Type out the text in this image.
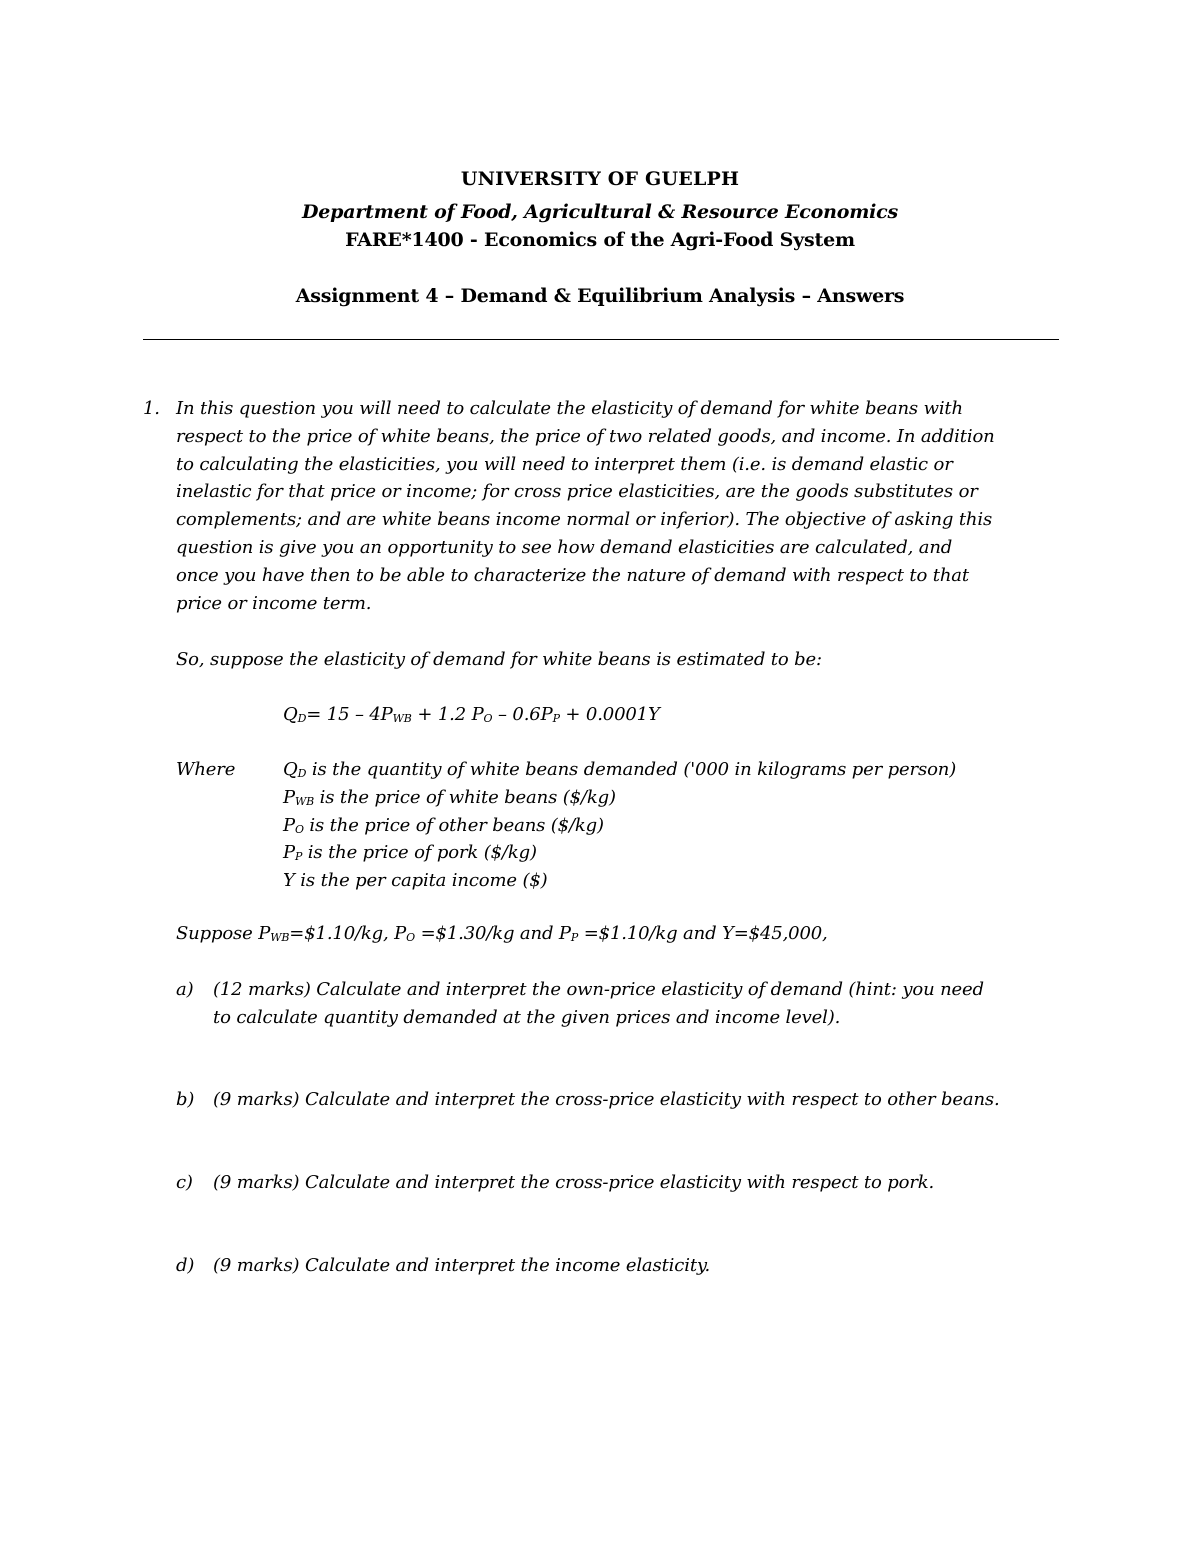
UNIVERSITY OF GUELPH
Department of Food, Agricultural & Resource Economics
FARE*1400 - Economics of the Agri-Food System
Assignment 4 – Demand & Equilibrium Analysis – Answers
1. In this question you will need to calculate the elasticity of demand for white beans with
respect to the price of white beans, the price of two related goods, and income. In addition
to calculating the elasticities, you will need to interpret them (i.e. is demand elastic or
inelastic for that price or income; for cross price elasticities, are the goods substitutes or
complements; and are white beans income normal or inferior). The objective of asking this
question is give you an opportunity to see how demand elasticities are calculated, and
once you have then to be able to characterize the nature of demand with respect to that
price or income term.
So, suppose the elasticity of demand for white beans is estimated to be:
$Q_D= 15 - 4P_{WB} + 1.2$ $P_O - 0.6P_P + 0.0001Y$
Where	$Q_D$ is the quantity of white beans demanded ('000 in kilograms per person)
$P_{WB}$ is the price of white beans ($/kg)
$P_O$ is the price of other beans ($/kg)
$P_P$ is the price of pork ($/kg)
Y is the per capita income ($)
Suppose $P_{WB}=\$1.10/kg$, $P_O$ =$1.30/kg and $P_P$ =$1.10/kg and Y=$45,000,
a) (12 marks) Calculate and interpret the own-price elasticity of demand (hint: you need
to calculate quantity demanded at the given prices and income level).
b) (9 marks) Calculate and interpret the cross-price elasticity with respect to other beans.
c) (9 marks) Calculate and interpret the cross-price elasticity with respect to pork.
d) (9 marks) Calculate and interpret the income elasticity.
